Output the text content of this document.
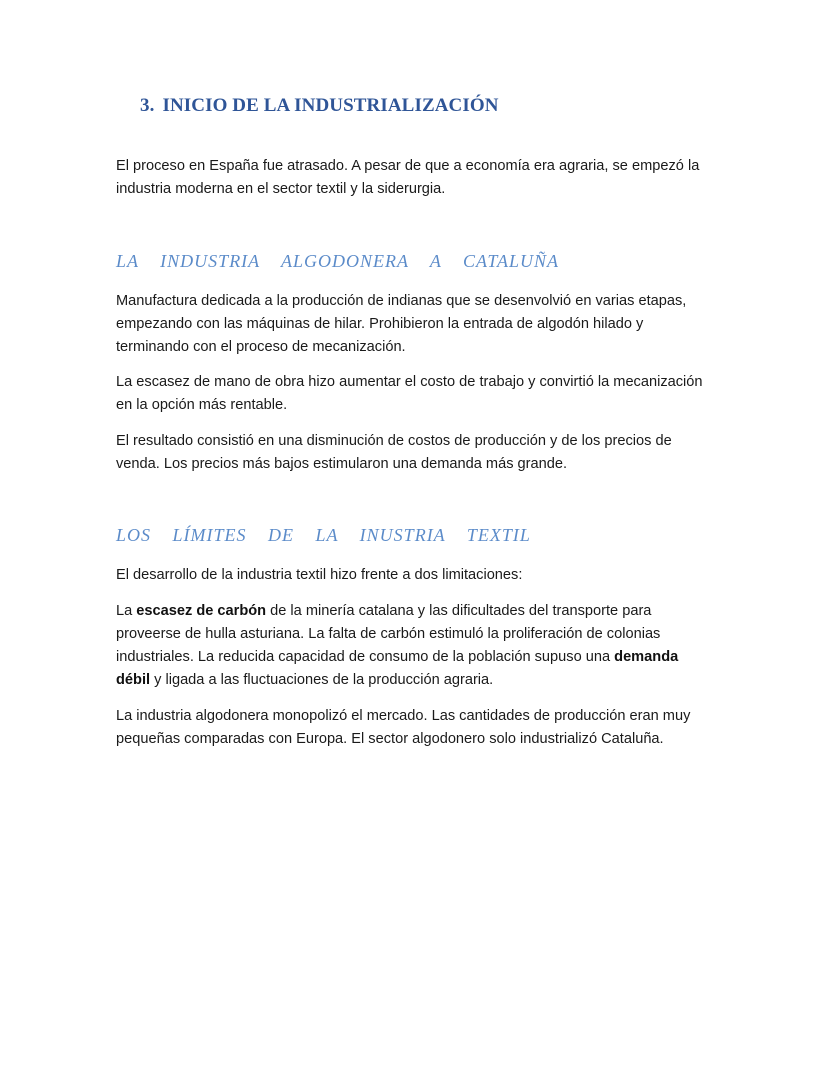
3. INICIO DE LA INDUSTRIALIZACIÓN

El proceso en España fue atrasado. A pesar de que a economía era agraria, se empezó la industria moderna en el sector textil y la siderurgia.

LA INDUSTRIA ALGODONERA A CATALUÑA

Manufactura dedicada a la producción de indianas que se desenvolvió en varias etapas, empezando con las máquinas de hilar. Prohibieron la entrada de algodón hilado y terminando con el proceso de mecanización.

La escasez de mano de obra hizo aumentar el costo de trabajo y convirtió la mecanización en la opción más rentable.

El resultado consistió en una disminución de costos de producción y de los precios de venda. Los precios más bajos estimularon una demanda más grande.

LOS LÍMITES DE LA INUSTRIA TEXTIL

El desarrollo de la industria textil hizo frente a dos limitaciones:

La escasez de carbón de la minería catalana y las dificultades del transporte para proveerse de hulla asturiana. La falta de carbón estimuló la proliferación de colonias industriales. La reducida capacidad de consumo de la población supuso una demanda débil y ligada a las fluctuaciones de la producción agraria.

La industria algodonera monopolizó el mercado. Las cantidades de producción eran muy pequeñas comparadas con Europa. El sector algodonero solo industrializó Cataluña.
